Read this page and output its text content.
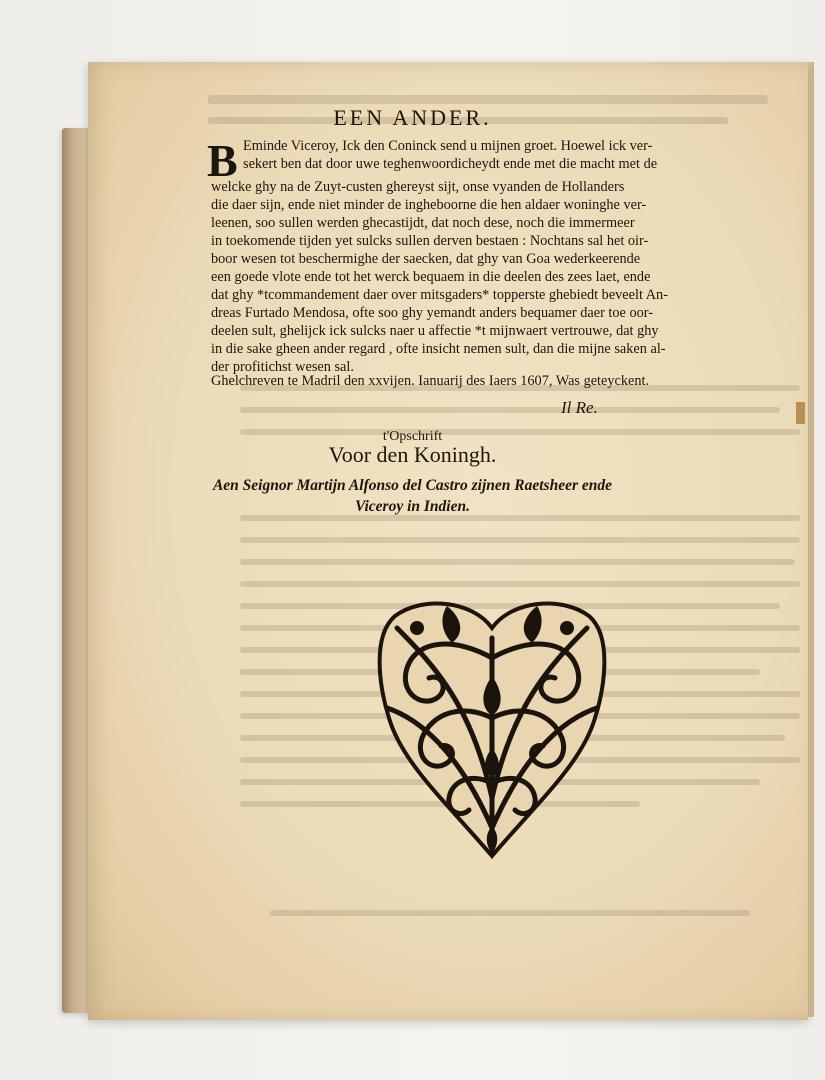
EEN ANDER.
B Eminde Viceroy, Ick den Coninck send u mijnen groet. Hoewel ick ver-
sekert ben dat door uwe teghenwoordicheydt ende met die macht met de
welcke ghy na de Zuyt-custen ghereyst sijt, onse vyanden de Hollanders
die daer sijn, ende niet minder de ingheboorne die hen aldaer woninghe ver-
leenen, soo sullen werden ghecastijdt, dat noch dese, noch die immermeer
in toekomende tijden yet sulcks sullen derven bestaen : Nochtans sal het oir-
boor wesen tot beschermighe der saecken, dat ghy van Goa wederkeerende
een goede vlote ende tot het werck bequaem in die deelen des zees laet, ende
dat ghy *tcommandement daer over mitsgaders* topperste ghebiedt beveelt An-
dreas Furtado Mendosa, ofte soo ghy yemandt anders bequamer daer toe oor-
deelen sult, ghelijck ick sulcks naer u affectie *t mijnwaert vertrouwe, dat ghy
in die sake gheen ander regard , ofte insicht nemen sult, dan die mijne saken al-
der profitichst wesen sal.
Ghelchreven te Madril den xxvijen. Ianuarij des Iaers 1607, Was geteyckent.
Il Re.
t'Opschrift
Voor den Koningh.
Aen Seignor Martijn Alfonso del Castro zijnen Raetsheer ende
Viceroy in Indien.
